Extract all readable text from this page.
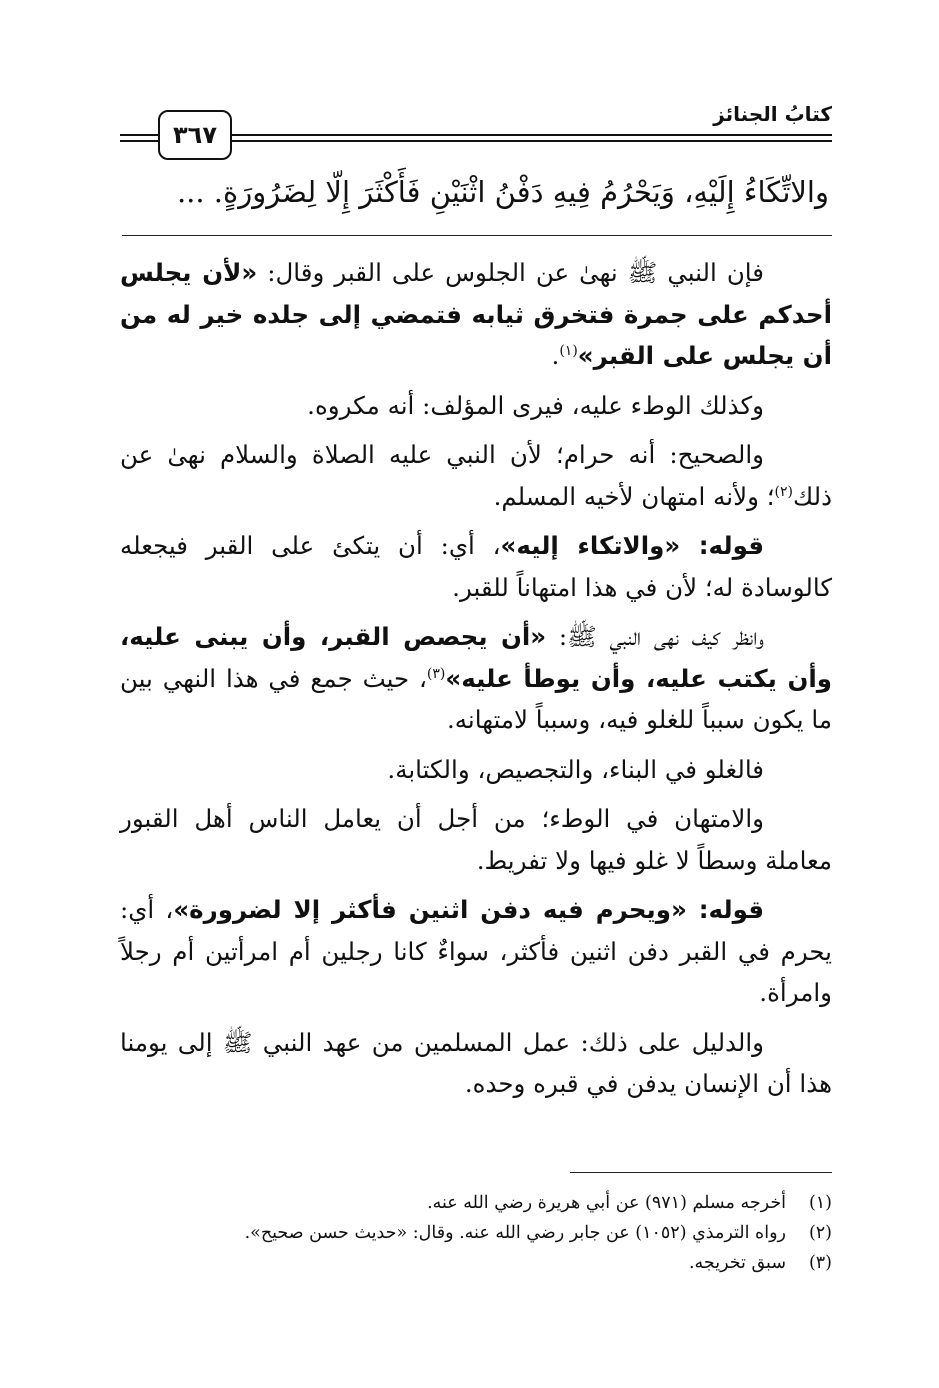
كتابُ الجنائز
٣٦٧
والاتِّكَاءُ إِلَيْهِ، وَيَحْرُمُ فِيهِ دَفْنُ اثْنَيْنِ فَأَكْثَرَ إِلّا لِضَرُورَةٍ. ...

فإن النبي ﷺ نهىٰ عن الجلوس على القبر وقال: «لأن يجلس أحدكم على جمرة فتخرق ثيابه فتمضي إلى جلده خير له من أن يجلس على القبر»$^{(١)}$.

وكذلك الوطء عليه، فيرى المؤلف: أنه مكروه.

والصحيح: أنه حرام؛ لأن النبي عليه الصلاة والسلام نهىٰ عن ذلك$^{(٢)}$؛ ولأنه امتهان لأخيه المسلم.

قوله: «والاتكاء إليه»، أي: أن يتكئ على القبر فيجعله كالوسادة له؛ لأن في هذا امتهاناً للقبر.

وانظر كيف نهى النبي ﷺ: «أن يجصص القبر، وأن يبنى عليه، وأن يكتب عليه، وأن يوطأ عليه»$^{(٣)}$، حيث جمع في هذا النهي بين ما يكون سبباً للغلو فيه، وسبباً لامتهانه.

فالغلو في البناء، والتجصيص، والكتابة.

والامتهان في الوطء؛ من أجل أن يعامل الناس أهل القبور معاملة وسطاً لا غلو فيها ولا تفريط.

قوله: «ويحرم فيه دفن اثنين فأكثر إلا لضرورة»، أي: يحرم في القبر دفن اثنين فأكثر، سواءٌ كانا رجلين أم امرأتين أم رجلاً وامرأة.

والدليل على ذلك: عمل المسلمين من عهد النبي ﷺ إلى يومنا هذا أن الإنسان يدفن في قبره وحده.

(١)
أخرجه مسلم (٩٧١) عن أبي هريرة رضي الله عنه.
(٢)
رواه الترمذي (١٠٥٢) عن جابر رضي الله عنه. وقال: «حديث حسن صحيح».
(٣)
سبق تخريجه.
